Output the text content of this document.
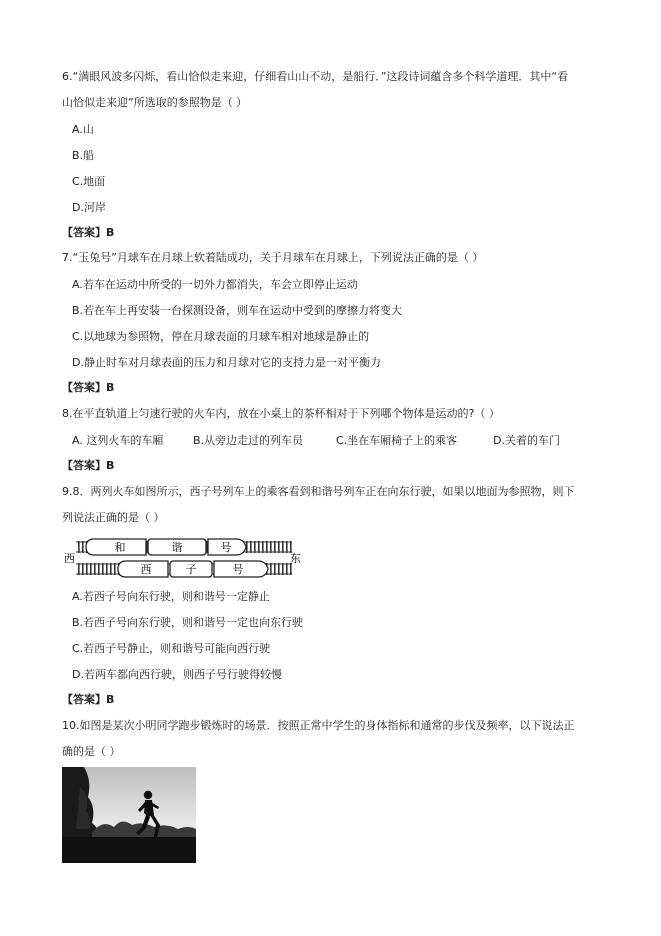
6.“满眼风波多闪烁，看山恰似走来迎，仔细看山山不动，是船行．”这段诗词蕴含多个科学道理．其中“看
山恰似走来迎”所选取的参照物是（ ）
A.山
B.船
C.地面
D.河岸
【答案】B
7.“玉兔号”月球车在月球上软着陆成功，关于月球车在月球上，下列说法正确的是（ ）
A.若车在运动中所受的一切外力都消失，车会立即停止运动
B.若在车上再安装一台探测设备，则车在运动中受到的摩擦力将变大
C.以地球为参照物，停在月球表面的月球车相对地球是静止的
D.静止时车对月球表面的压力和月球对它的支持力是一对平衡力
【答案】B
8.在平直轨道上匀速行驶的火车内，放在小桌上的茶杯相对于下列哪个物体是运动的?（ ）
A. 这列火车的车厢	B.从旁边走过的列车员	C.坐在车厢椅子上的乘客	D.关着的车门
【答案】B
9.8．两列火车如图所示，西子号列车上的乘客看到和谐号列车正在向东行驶，如果以地面为参照物，则下
列说法正确的是（ ）
和	谐	号
西	子	号
西	东
A.若西子号向东行驶，则和谐号一定静止
B.若西子号向东行驶，则和谐号一定也向东行驶
C.若西子号静止，则和谐号可能向西行驶
D.若两车都向西行驶，则西子号行驶得较慢
【答案】B
10.如图是某次小明同学跑步锻炼时的场景．按照正常中学生的身体指标和通常的步伐及频率，以下说法正
确的是（ ）
